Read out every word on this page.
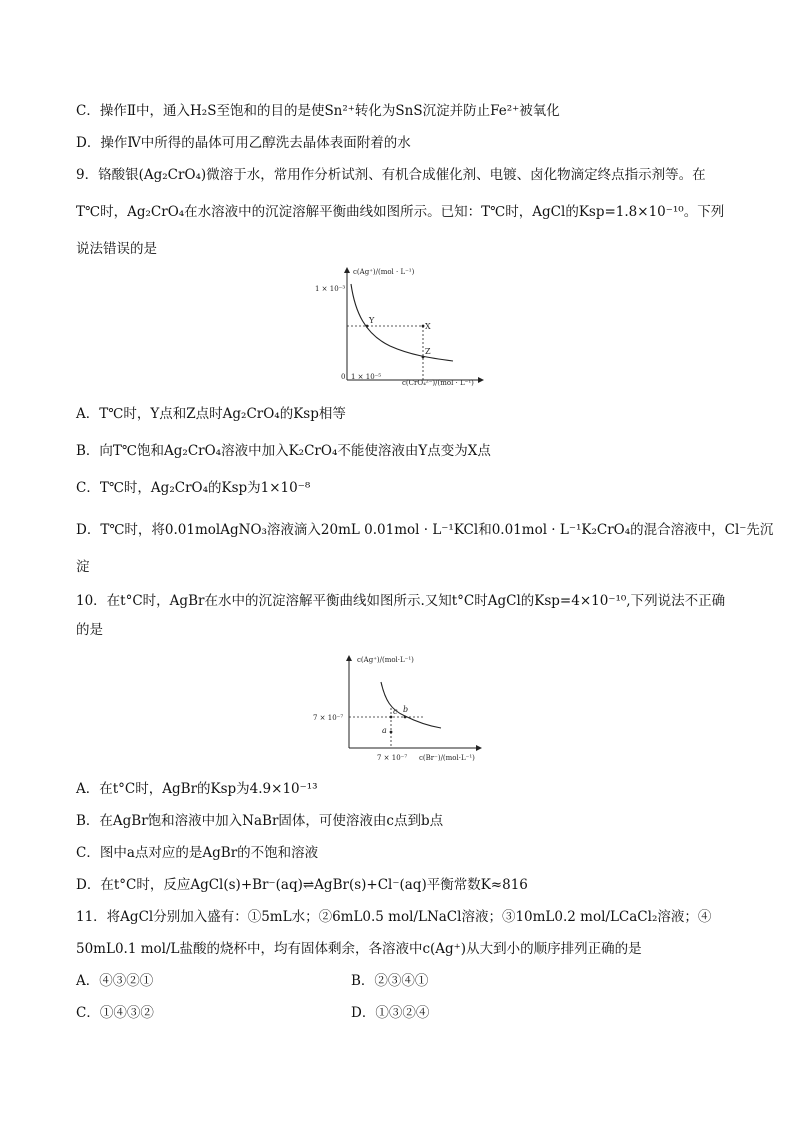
C．操作Ⅱ中，通入H₂S至饱和的目的是使Sn²⁺转化为SnS沉淀并防止Fe²⁺被氧化
D．操作Ⅳ中所得的晶体可用乙醇洗去晶体表面附着的水
9．铬酸银(Ag₂CrO₄)微溶于水，常用作分析试剂、有机合成催化剂、电镀、卤化物滴定终点指示剂等。在
T℃时，Ag₂CrO₄在水溶液中的沉淀溶解平衡曲线如图所示。已知：T℃时，AgCl的Ksp=1.8×10⁻¹⁰。下列
说法错误的是
c(Ag⁺)/(mol · L⁻¹)
c(CrO₄²⁻)/(mol · L⁻¹)
1 × 10⁻³
1 × 10⁻⁵
0
X
Y
Z
A．T℃时，Y点和Z点时Ag₂CrO₄的Ksp相等
B．向T℃饱和Ag₂CrO₄溶液中加入K₂CrO₄不能使溶液由Y点变为X点
C．T℃时，Ag₂CrO₄的Ksp为1×10⁻⁸
D．T℃时，将0.01molAgNO₃溶液滴入20mL 0.01mol · L⁻¹KCl和0.01mol · L⁻¹K₂CrO₄的混合溶液中，Cl⁻先沉
淀
10．在t°C时，AgBr在水中的沉淀溶解平衡曲线如图所示.又知t°C时AgCl的Ksp=4×10⁻¹⁰,下列说法不正确
的是
c(Ag⁺)/(mol·L⁻¹)
c(Br⁻)/(mol·L⁻¹)
7 × 10⁻⁷
7 × 10⁻⁷
c b
a
A．在t°C时，AgBr的Ksp为4.9×10⁻¹³
B．在AgBr饱和溶液中加入NaBr固体，可使溶液由c点到b点
C．图中a点对应的是AgBr的不饱和溶液
D．在t°C时，反应AgCl(s)+Br⁻(aq)⇌AgBr(s)+Cl⁻(aq)平衡常数K≈816
11．将AgCl分别加入盛有：①5mL水；②6mL0.5 mol/LNaCl溶液；③10mL0.2 mol/LCaCl₂溶液；④
50mL0.1 mol/L盐酸的烧杯中，均有固体剩余，各溶液中c(Ag⁺)从大到小的顺序排列正确的是
A．④③②①	B．②③④①
C．①④③②	D．①③②④
